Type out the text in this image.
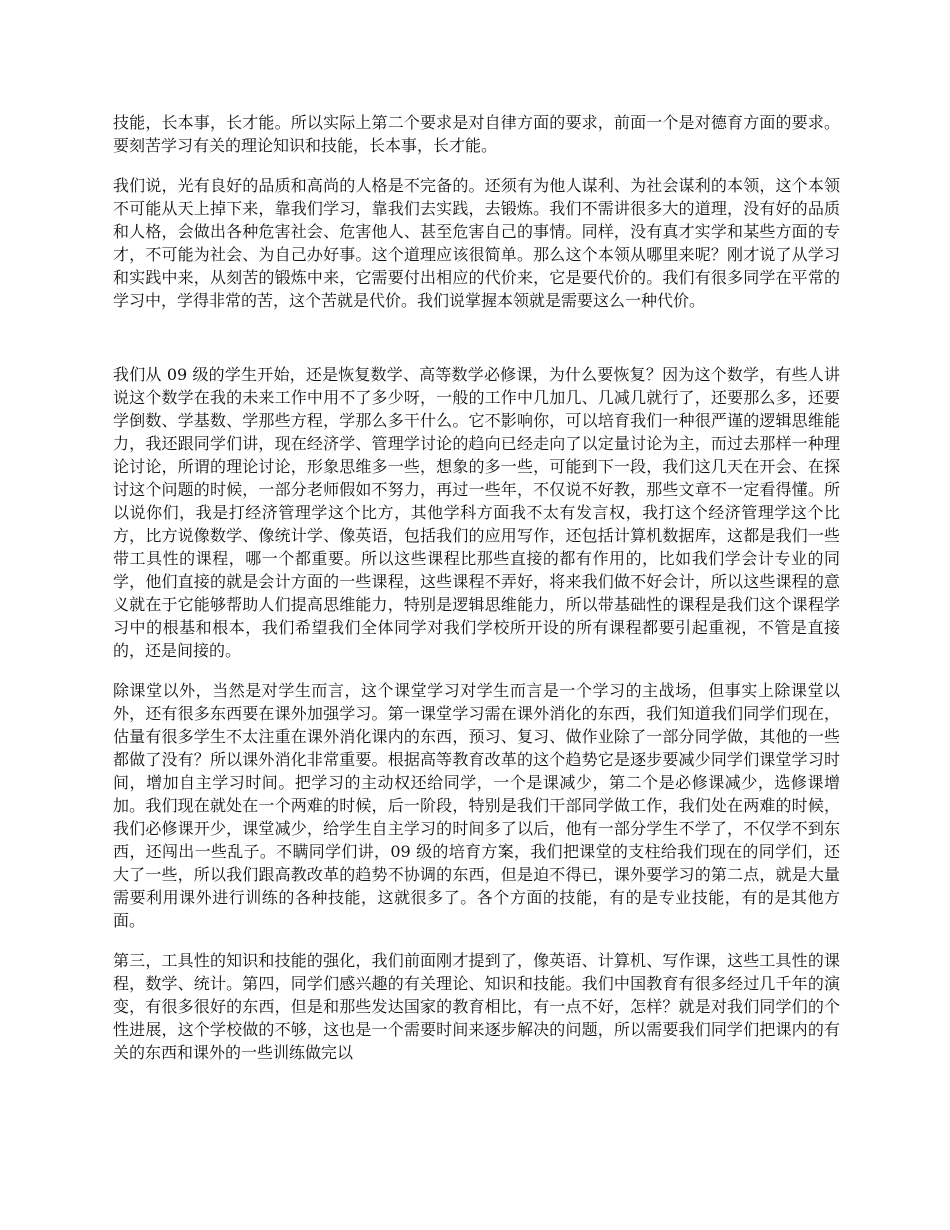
技能，长本事，长才能。所以实际上第二个要求是对自律方面的要求，前面一个是对德育方面的要求。要刻苦学习有关的理论知识和技能，长本事，长才能。

我们说，光有良好的品质和高尚的人格是不完备的。还须有为他人谋利、为社会谋利的本领，这个本领不可能从天上掉下来，靠我们学习，靠我们去实践，去锻炼。我们不需讲很多大的道理，没有好的品质和人格，会做出各种危害社会、危害他人、甚至危害自己的事情。同样，没有真才实学和某些方面的专才，不可能为社会、为自己办好事。这个道理应该很简单。那么这个本领从哪里来呢？刚才说了从学习和实践中来，从刻苦的锻炼中来，它需要付出相应的代价来，它是要代价的。我们有很多同学在平常的学习中，学得非常的苦，这个苦就是代价。我们说掌握本领就是需要这么一种代价。

我们从 09 级的学生开始，还是恢复数学、高等数学必修课，为什么要恢复？因为这个数学，有些人讲说这个数学在我的未来工作中用不了多少呀，一般的工作中几加几、几减几就行了，还要那么多，还要学倒数、学基数、学那些方程，学那么多干什么。它不影响你，可以培育我们一种很严谨的逻辑思维能力，我还跟同学们讲，现在经济学、管理学讨论的趋向已经走向了以定量讨论为主，而过去那样一种理论讨论，所谓的理论讨论，形象思维多一些，想象的多一些，可能到下一段，我们这几天在开会、在探讨这个问题的时候，一部分老师假如不努力，再过一些年，不仅说不好教，那些文章不一定看得懂。所以说你们，我是打经济管理学这个比方，其他学科方面我不太有发言权，我打这个经济管理学这个比方，比方说像数学、像统计学、像英语，包括我们的应用写作，还包括计算机数据库，这都是我们一些带工具性的课程，哪一个都重要。所以这些课程比那些直接的都有作用的，比如我们学会计专业的同学，他们直接的就是会计方面的一些课程，这些课程不弄好，将来我们做不好会计，所以这些课程的意义就在于它能够帮助人们提高思维能力，特别是逻辑思维能力，所以带基础性的课程是我们这个课程学习中的根基和根本，我们希望我们全体同学对我们学校所开设的所有课程都要引起重视，不管是直接的，还是间接的。

除课堂以外，当然是对学生而言，这个课堂学习对学生而言是一个学习的主战场，但事实上除课堂以外，还有很多东西要在课外加强学习。第一课堂学习需在课外消化的东西，我们知道我们同学们现在，估量有很多学生不太注重在课外消化课内的东西，预习、复习、做作业除了一部分同学做，其他的一些都做了没有？所以课外消化非常重要。根据高等教育改革的这个趋势它是逐步要减少同学们课堂学习时间，增加自主学习时间。把学习的主动权还给同学，一个是课减少，第二个是必修课减少，选修课增加。我们现在就处在一个两难的时候，后一阶段，特别是我们干部同学做工作，我们处在两难的时候，我们必修课开少，课堂减少，给学生自主学习的时间多了以后，他有一部分学生不学了，不仅学不到东西，还闯出一些乱子。不瞒同学们讲，09 级的培育方案，我们把课堂的支柱给我们现在的同学们，还大了一些，所以我们跟高教改革的趋势不协调的东西，但是迫不得已，课外要学习的第二点，就是大量需要利用课外进行训练的各种技能，这就很多了。各个方面的技能，有的是专业技能，有的是其他方面。

第三，工具性的知识和技能的强化，我们前面刚才提到了，像英语、计算机、写作课，这些工具性的课程，数学、统计。第四，同学们感兴趣的有关理论、知识和技能。我们中国教育有很多经过几千年的演变，有很多很好的东西，但是和那些发达国家的教育相比，有一点不好，怎样？就是对我们同学们的个性进展，这个学校做的不够，这也是一个需要时间来逐步解决的问题，所以需要我们同学们把课内的有关的东西和课外的一些训练做完以
